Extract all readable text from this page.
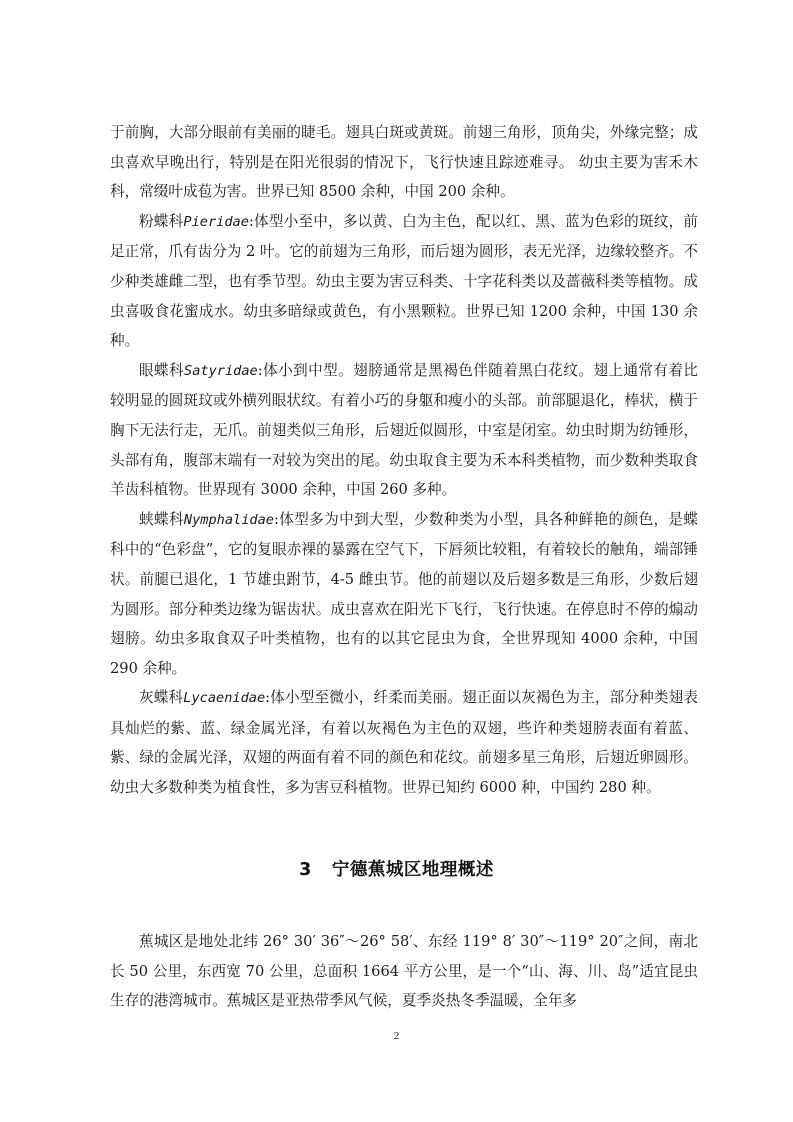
于前胸，大部分眼前有美丽的睫毛。翅具白斑或黄斑。前翅三角形，顶角尖，外缘完整；成虫喜欢早晚出行，特别是在阳光很弱的情况下，飞行快速且踪迹难寻。 幼虫主要为害禾木科，常缀叶成苞为害。世界已知 8500 余种，中国 200 余种。

粉蝶科Pieridae:体型小至中，多以黄、白为主色，配以红、黑、蓝为色彩的斑纹，前足正常，爪有齿分为 2 叶。它的前翅为三角形，而后翅为圆形，表无光泽，边缘较整齐。不少种类雄雌二型，也有季节型。幼虫主要为害豆科类、十字花科类以及蔷薇科类等植物。成虫喜吸食花蜜成水。幼虫多暗绿或黄色，有小黑颗粒。世界已知 1200 余种，中国 130 余种。

眼蝶科Satyridae:体小到中型。翅膀通常是黑褐色伴随着黑白花纹。翅上通常有着比较明显的圆斑玟或外横列眼状纹。有着小巧的身躯和瘦小的头部。前部腿退化，棒状，横于胸下无法行走，无爪。前翅类似三角形，后翅近似圆形，中室是闭室。幼虫时期为纺锤形，头部有角，腹部末端有一对较为突出的尾。幼虫取食主要为禾本科类植物，而少数种类取食羊齿科植物。世界现有 3000 余种，中国 260 多种。

蛱蝶科Nymphalidae:体型多为中到大型，少数种类为小型，具各种鲜艳的颜色，是蝶科中的“色彩盘”，它的复眼赤裸的暴露在空气下，下唇须比较粗，有着较长的触角，端部锤状。前腿已退化，1 节雄虫跗节，4-5 雌虫节。他的前翅以及后翅多数是三角形，少数后翅为圆形。部分种类边缘为锯齿状。成虫喜欢在阳光下飞行，飞行快速。在停息时不停的煽动翅膀。幼虫多取食双子叶类植物，也有的以其它昆虫为食，全世界现知 4000 余种，中国 290 余种。

灰蝶科Lycaenidae:体小型至微小，纤柔而美丽。翅正面以灰褐色为主，部分种类翅表具灿烂的紫、蓝、绿金属光泽，有着以灰褐色为主色的双翅，些许种类翅膀表面有着蓝、紫、绿的金属光泽，双翅的两面有着不同的颜色和花纹。前翅多星三角形，后翅近卵圆形。幼虫大多数种类为植食性，多为害豆科植物。世界已知约 6000 种，中国约 280 种。

3 宁德蕉城区地理概述

蕉城区是地处北纬 26° 30′ 36″～26° 58′、东经 119° 8′ 30″～119° 20″之间，南北长 50 公里，东西宽 70 公里，总面积 1664 平方公里，是一个“山、海、川、岛”适宜昆虫生存的港湾城市。蕉城区是亚热带季风气候，夏季炎热冬季温暖，全年多

2
